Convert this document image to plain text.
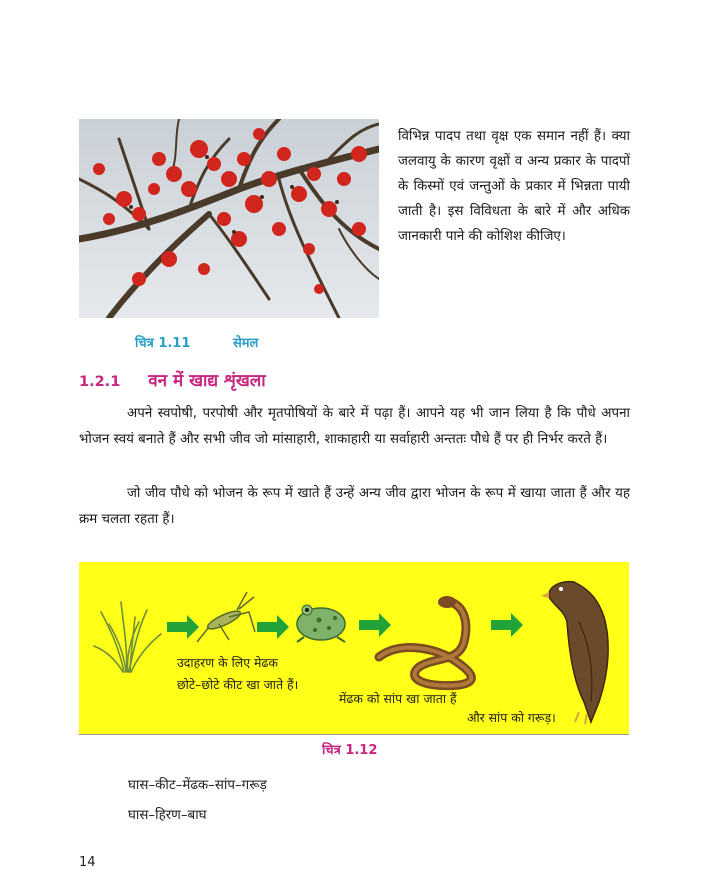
विभिन्न पादप तथा वृक्ष एक समान नहीं हैं। क्या जलवायु के कारण वृक्षों व अन्य प्रकार के पादपों के किस्मों एवं जन्तुओं के प्रकार में भिन्नता पायी जाती है। इस विविधता के बारे में और अधिक जानकारी पाने की कोशिश कीजिए।
चित्र 1.11	सेमल
1.2.1 वन में खाद्य शृंखला
अपने स्वपोषी, परपोषी और मृतपोषियों के बारे में पढ़ा हैं। आपने यह भी जान लिया है कि पौधे अपना भोजन स्वयं बनाते हैं और सभी जीव जो मांसाहारी, शाकाहारी या सर्वाहारी अन्ततः पौधे हैं पर ही निर्भर करते हैं।
जो जीव पौधे को भोजन के रूप में खाते हैं उन्हें अन्य जीव द्वारा भोजन के रूप में खाया जाता हैं और यह क्रम चलता रहता हैं।
उदाहरण के लिए मेढक
छोटे–छोटे कीट खा जाते हैं।
मेंढक को सांप खा जाता हैं
और सांप को गरूड़।
चित्र 1.12
घास–कीट–मेंढक–सांप–गरूड़
घास–हिरण–बाघ
14
